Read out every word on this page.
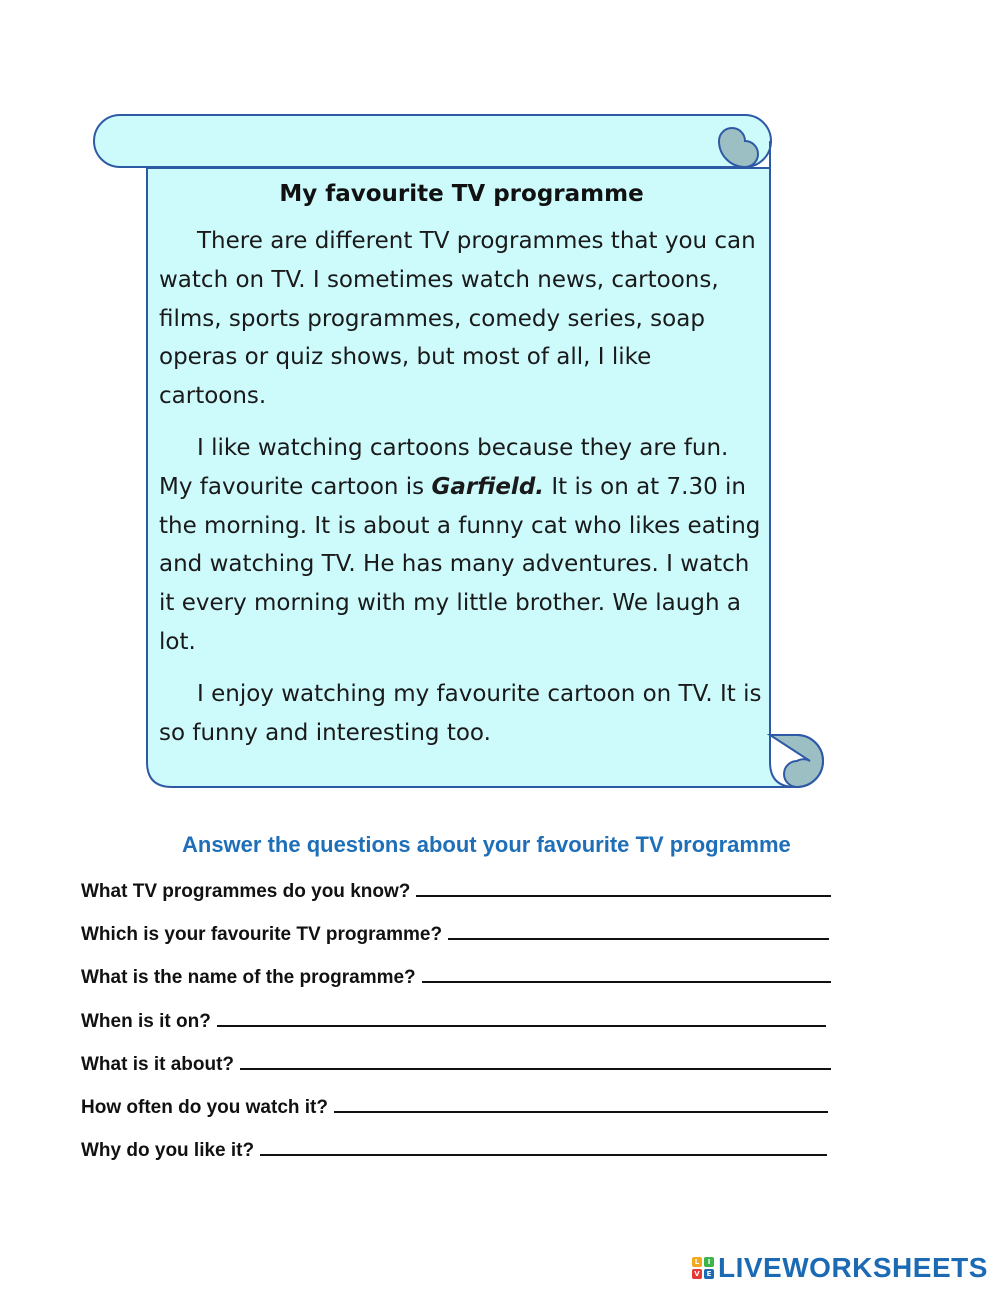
My favourite TV programme

There are different TV programmes that you can watch on TV. I sometimes watch news, cartoons, films, sports programmes, comedy series, soap operas or quiz shows, but most of all, I like cartoons.

I like watching cartoons because they are fun. My favourite cartoon is Garfield. It is on at 7.30 in the morning. It is about a funny cat who likes eating and watching TV. He has many adventures. I watch it every morning with my little brother. We laugh a lot.

I enjoy watching my favourite cartoon on TV. It is so funny and interesting too.

Answer the questions about your favourite TV programme
What TV programmes do you know?
Which is your favourite TV programme?
What is the name of the programme?
When is it on?
What is it about?
How often do you watch it?
Why do you like it?
L	I
V E LIVEWORKSHEETS
